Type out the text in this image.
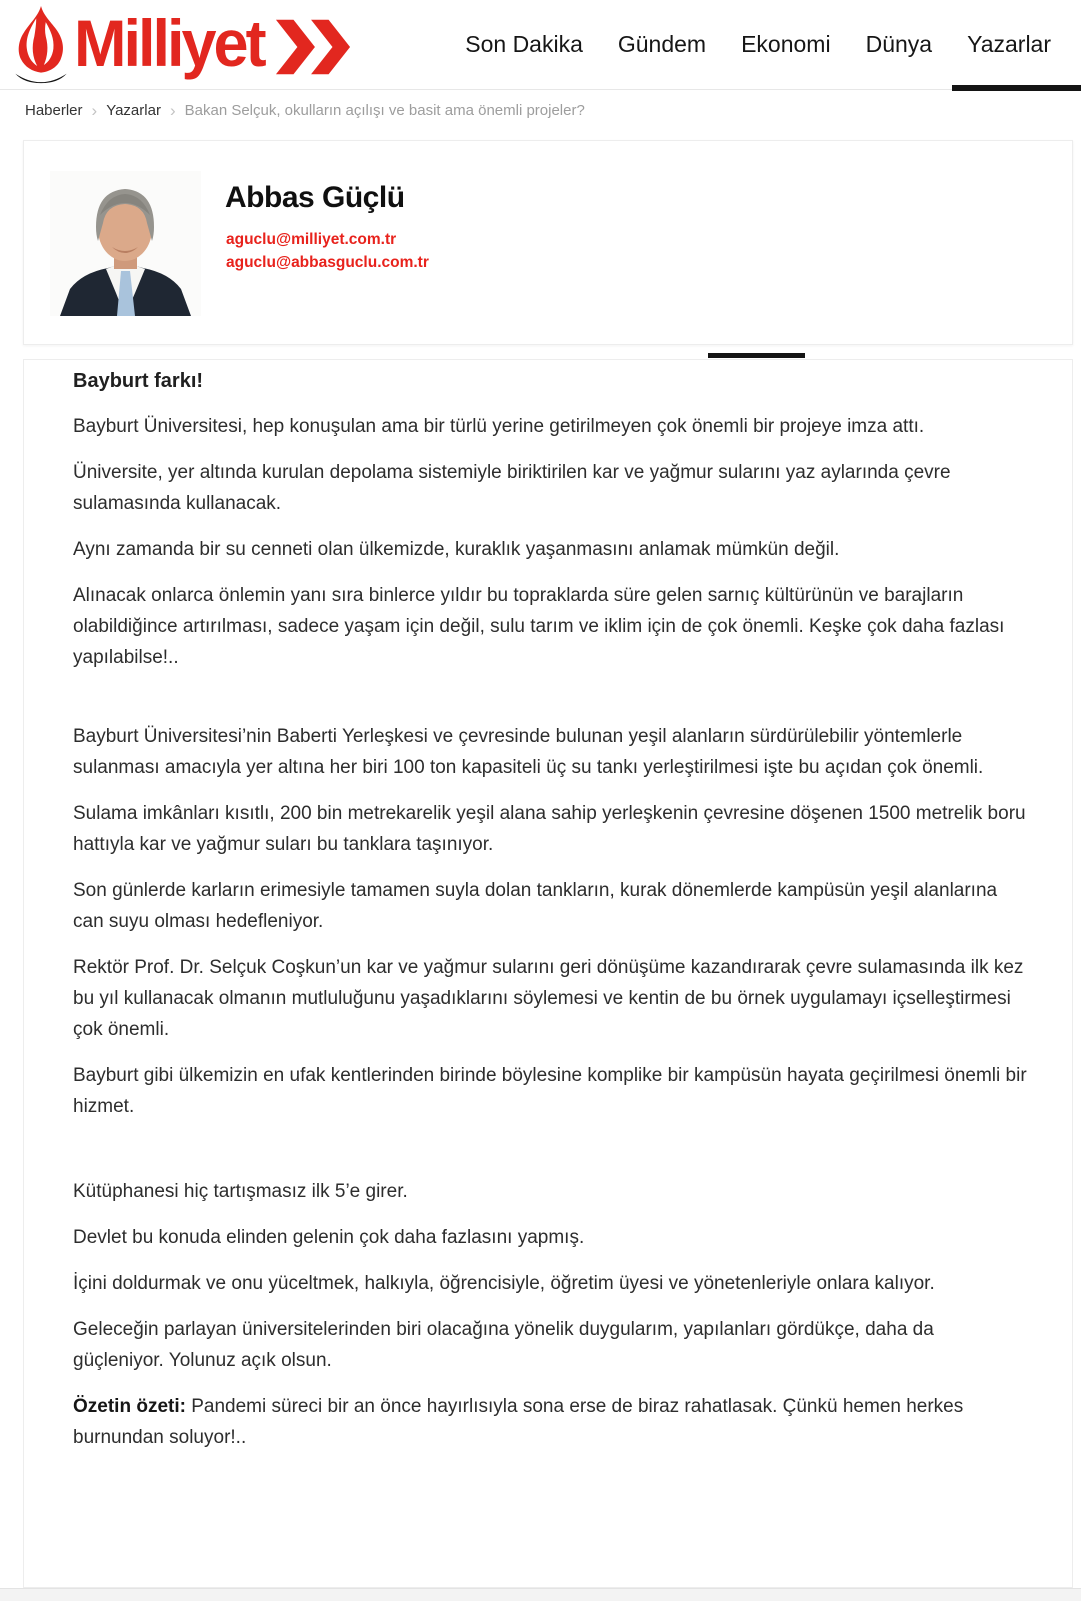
Milliyet	Son Dakika Gündem Ekonomi Dünya Yazarlar
Haberler › Yazarlar › Bakan Selçuk, okulların açılışı ve basit ama önemli projeler?
Abbas Güçlü
aguclu@milliyet.com.tr
aguclu@abbasguclu.com.tr
Bayburt farkı!

Bayburt Üniversitesi, hep konuşulan ama bir türlü yerine getirilmeyen çok önemli bir projeye imza attı.

Üniversite, yer altında kurulan depolama sistemiyle biriktirilen kar ve yağmur sularını yaz aylarında çevre sulamasında kullanacak.

Aynı zamanda bir su cenneti olan ülkemizde, kuraklık yaşanmasını anlamak mümkün değil.

Alınacak onlarca önlemin yanı sıra binlerce yıldır bu topraklarda süre gelen sarnıç kültürünün ve barajların olabildiğince artırılması, sadece yaşam için değil, sulu tarım ve iklim için de çok önemli. Keşke çok daha fazlası yapılabilse!..

Bayburt Üniversitesi’nin Baberti Yerleşkesi ve çevresinde bulunan yeşil alanların sürdürülebilir yöntemlerle sulanması amacıyla yer altına her biri 100 ton kapasiteli üç su tankı yerleştirilmesi işte bu açıdan çok önemli.

Sulama imkânları kısıtlı, 200 bin metrekarelik yeşil alana sahip yerleşkenin çevresine döşenen 1500 metrelik boru hattıyla kar ve yağmur suları bu tanklara taşınıyor.

Son günlerde karların erimesiyle tamamen suyla dolan tankların, kurak dönemlerde kampüsün yeşil alanlarına can suyu olması hedefleniyor.

Rektör Prof. Dr. Selçuk Coşkun’un kar ve yağmur sularını geri dönüşüme kazandırarak çevre sulamasında ilk kez bu yıl kullanacak olmanın mutluluğunu yaşadıklarını söylemesi ve kentin de bu örnek uygulamayı içselleştirmesi çok önemli.

Bayburt gibi ülkemizin en ufak kentlerinden birinde böylesine komplike bir kampüsün hayata geçirilmesi önemli bir hizmet.

Kütüphanesi hiç tartışmasız ilk 5’e girer.

Devlet bu konuda elinden gelenin çok daha fazlasını yapmış.

İçini doldurmak ve onu yüceltmek, halkıyla, öğrencisiyle, öğretim üyesi ve yönetenleriyle onlara kalıyor.

Geleceğin parlayan üniversitelerinden biri olacağına yönelik duygularım, yapılanları gördükçe, daha da güçleniyor. Yolunuz açık olsun.

Özetin özeti: Pandemi süreci bir an önce hayırlısıyla sona erse de biraz rahatlasak. Çünkü hemen herkes burnundan soluyor!..
